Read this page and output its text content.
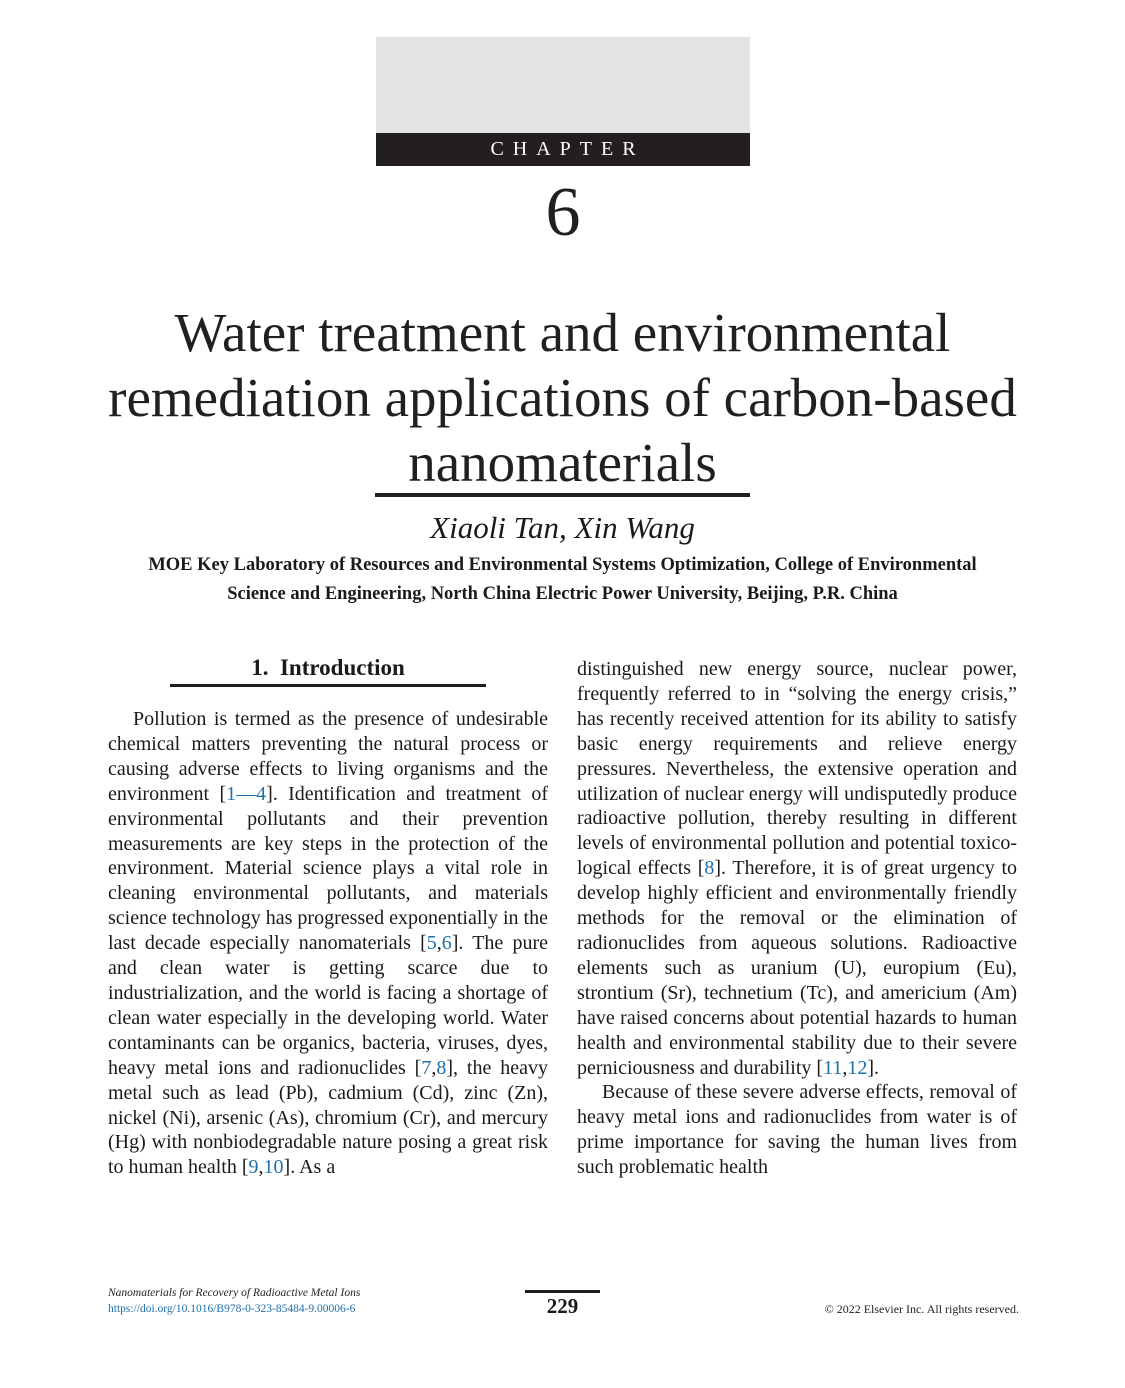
CHAPTER
6
Water treatment and environmental
remediation applications of carbon-based
nanomaterials
Xiaoli Tan, Xin Wang
MOE Key Laboratory of Resources and Environmental Systems Optimization, College of Environmental
Science and Engineering, North China Electric Power University, Beijing, P.R. China
1. Introduction

Pollution is termed as the presence of undesirable chemical matters preventing the natural process or causing adverse effects to living organisms and the environment [1—4]. Identification and treatment of environmental pollutants and their prevention measurements are key steps in the protection of the environment. Material science plays a vital role in cleaning environmental pollutants, and materials science technology has progressed exponentially in the last decade especially nanomaterials [5,6]. The pure and clean water is getting scarce due to industrialization, and the world is facing a shortage of clean water especially in the developing world. Water contaminants can be organics, bacteria, viruses, dyes, heavy metal ions and radionuclides [7,8], the heavy metal such as lead (Pb), cadmium (Cd), zinc (Zn), nickel (Ni), arsenic (As), chromium (Cr), and mercury (Hg) with nonbiodegradable nature posing a great risk to human health [9,10]. As a

distinguished new energy source, nuclear power, frequently referred to in “solving the energy crisis,” has recently received attention for its ability to satisfy basic energy requirements and relieve energy pressures. Nevertheless, the extensive operation and utilization of nuclear energy will undisputedly produce radioactive pollution, thereby resulting in different levels of environmental pollution and potential toxicological effects [8]. Therefore, it is of great urgency to develop highly efficient and environmentally friendly methods for the removal or the elimination of radionuclides from aqueous solutions. Radioactive elements such as uranium (U), europium (Eu), strontium (Sr), technetium (Tc), and americium (Am) have raised concerns about potential hazards to human health and environmental stability due to their severe perniciousness and durability [11,12].

Because of these severe adverse effects, removal of heavy metal ions and radionuclides from water is of prime importance for saving the human lives from such problematic health

Nanomaterials for Recovery of Radioactive Metal Ions
https://doi.org/10.1016/B978-0-323-85484-9.00006-6	229	© 2022 Elsevier Inc. All rights reserved.
